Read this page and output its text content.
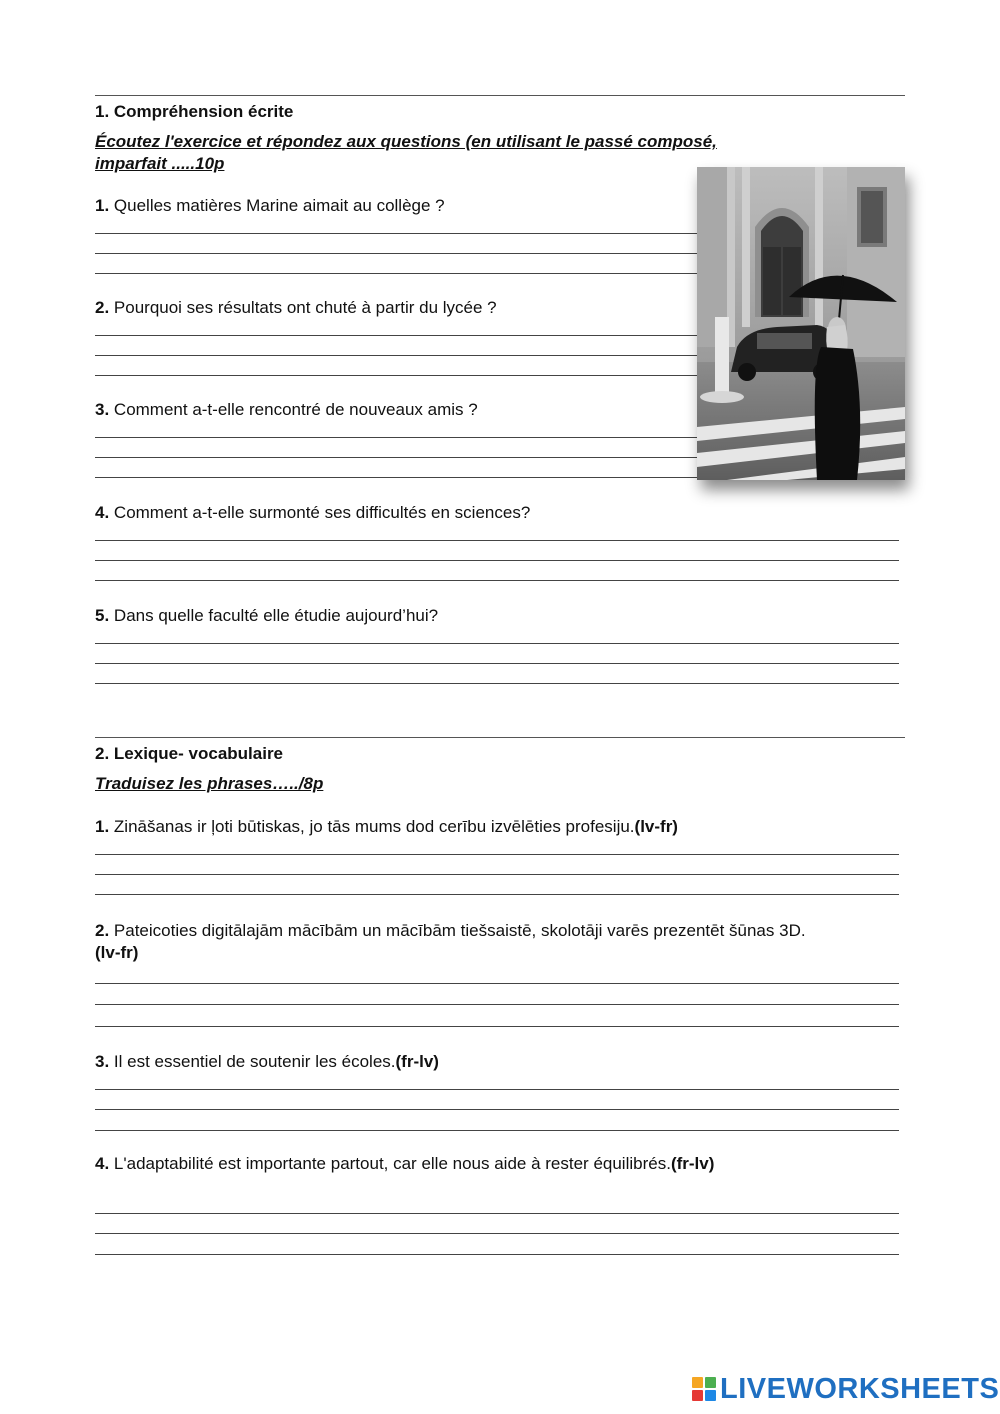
1. Compréhension écrite
Écoutez l'exercice et répondez aux questions (en utilisant le passé composé,
imparfait .....10p
1. Quelles matières Marine aimait au collège ?
2. Pourquoi ses résultats ont chuté à partir du lycée ?
3. Comment a-t-elle rencontré de nouveaux amis ?
4. Comment a-t-elle surmonté ses difficultés en sciences?
5. Dans quelle faculté elle étudie aujourd’hui?
2. Lexique- vocabulaire
Traduisez les phrases…../8p
1. Zināšanas ir ļoti būtiskas, jo tās mums dod cerību izvēlēties profesiju.(lv-fr)
2. Pateicoties digitālajām mācībām un mācībām tiešsaistē, skolotāji varēs prezentēt šūnas 3D.
(lv-fr)
3. Il est essentiel de soutenir les écoles.(fr-lv)
4. L'adaptabilité est importante partout, car elle nous aide à rester équilibrés.(fr-lv)
LIVEWORKSHEETS
